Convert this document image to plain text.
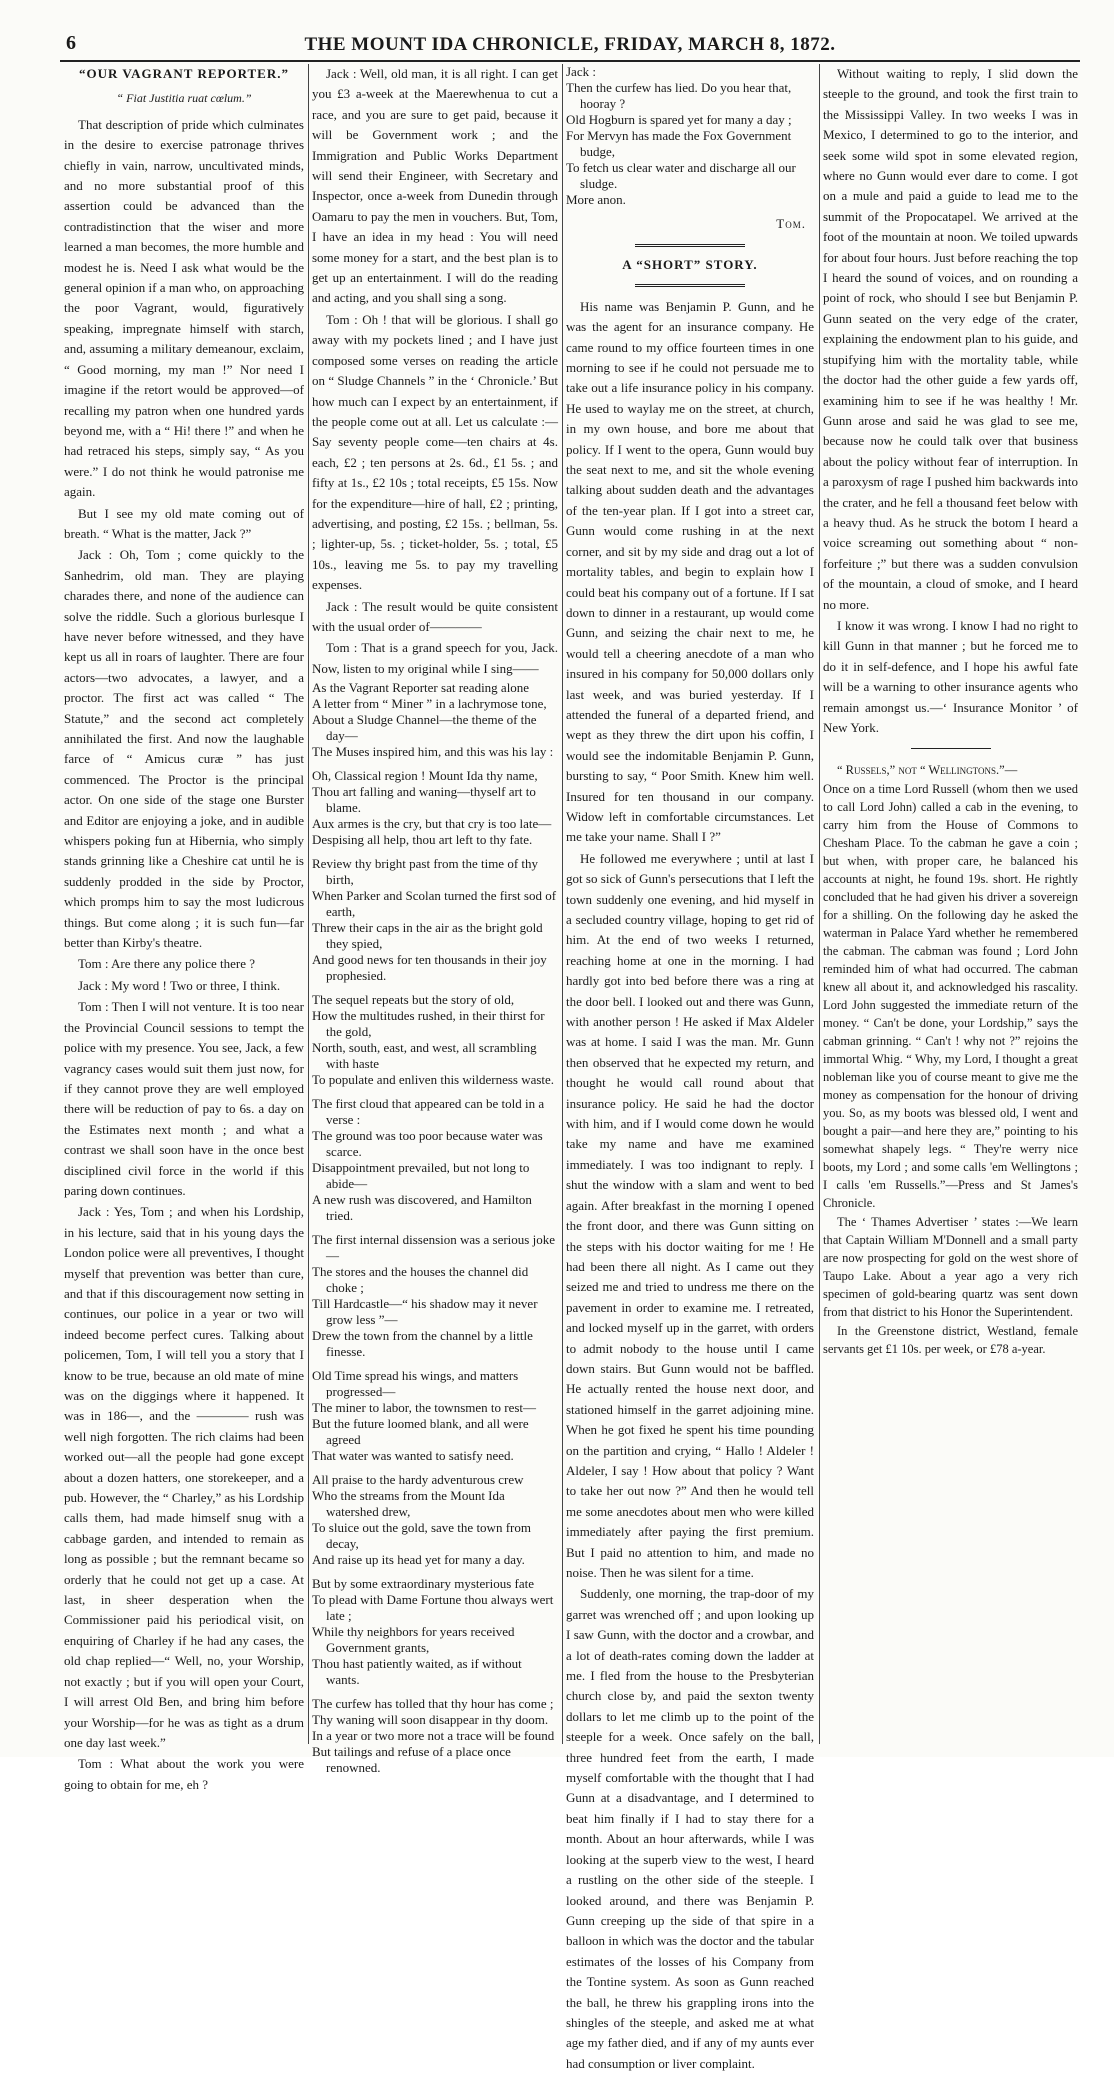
6	THE MOUNT IDA CHRONICLE, FRIDAY, MARCH 8, 1872.

“OUR VAGRANT REPORTER.”

“ Fiat Justitia ruat cœlum.”

That description of pride which culminates in the desire to exercise patronage thrives chiefly in vain, narrow, uncultivated minds, and no more substantial proof of this assertion could be advanced than the contradistinction that the wiser and more learned a man becomes, the more humble and modest he is. Need I ask what would be the general opinion if a man who, on approaching the poor Vagrant, would, figuratively speaking, impregnate himself with starch, and, assuming a military demeanour, exclaim, “ Good morning, my man !” Nor need I imagine if the retort would be approved—of recalling my patron when one hundred yards beyond me, with a “ Hi! there !” and when he had retraced his steps, simply say, “ As you were.” I do not think he would patronise me again.

But I see my old mate coming out of breath. “ What is the matter, Jack ?”

Jack : Oh, Tom ; come quickly to the Sanhedrim, old man. They are playing charades there, and none of the audience can solve the riddle. Such a glorious burlesque I have never before witnessed, and they have kept us all in roars of laughter. There are four actors—two advocates, a lawyer, and a proctor. The first act was called “ The Statute,” and the second act completely annihilated the first. And now the laughable farce of “ Amicus curæ ” has just commenced. The Proctor is the principal actor. On one side of the stage one Burster and Editor are enjoying a joke, and in audible whispers poking fun at Hibernia, who simply stands grinning like a Cheshire cat until he is suddenly prodded in the side by Proctor, which promps him to say the most ludicrous things. But come along ; it is such fun—far better than Kirby's theatre.

Tom : Are there any police there ?

Jack : My word ! Two or three, I think.

Tom : Then I will not venture. It is too near the Provincial Council sessions to tempt the police with my presence. You see, Jack, a few vagrancy cases would suit them just now, for if they cannot prove they are well employed there will be reduction of pay to 6s. a day on the Estimates next month ; and what a contrast we shall soon have in the once best disciplined civil force in the world if this paring down continues.

Jack : Yes, Tom ; and when his Lordship, in his lecture, said that in his young days the London police were all preventives, I thought myself that prevention was better than cure, and that if this discouragement now setting in continues, our police in a year or two will indeed become perfect cures. Talking about policemen, Tom, I will tell you a story that I know to be true, because an old mate of mine was on the diggings where it happened. It was in 186—, and the ———— rush was well nigh forgotten. The rich claims had been worked out—all the people had gone except about a dozen hatters, one storekeeper, and a pub. However, the “ Charley,” as his Lordship calls them, had made himself snug with a cabbage garden, and intended to remain as long as possible ; but the remnant became so orderly that he could not get up a case. At last, in sheer desperation when the Commissioner paid his periodical visit, on enquiring of Charley if he had any cases, the old chap replied—“ Well, no, your Worship, not exactly ; but if you will open your Court, I will arrest Old Ben, and bring him before your Worship—for he was as tight as a drum one day last week.”

Tom : What about the work you were going to obtain for me, eh ?

Jack : Well, old man, it is all right. I can get you £3 a-week at the Maerewhenua to cut a race, and you are sure to get paid, because it will be Government work ; and the Immigration and Public Works Department will send their Engineer, with Secretary and Inspector, once a-week from Dunedin through Oamaru to pay the men in vouchers. But, Tom, I have an idea in my head : You will need some money for a start, and the best plan is to get up an entertainment. I will do the reading and acting, and you shall sing a song.

Tom : Oh ! that will be glorious. I shall go away with my pockets lined ; and I have just composed some verses on reading the article on “ Sludge Channels ” in the ‘ Chronicle.’ But how much can I expect by an entertainment, if the people come out at all. Let us calculate :—Say seventy people come—ten chairs at 4s. each, £2 ; ten persons at 2s. 6d., £1 5s. ; and fifty at 1s., £2 10s ; total receipts, £5 15s. Now for the expenditure—hire of hall, £2 ; printing, advertising, and posting, £2 15s. ; bellman, 5s. ; lighter-up, 5s. ; ticket-holder, 5s. ; total, £5 10s., leaving me 5s. to pay my travelling expenses.

Jack : The result would be quite consistent with the usual order of————

Tom : That is a grand speech for you, Jack. Now, listen to my original while I sing——

As the Vagrant Reporter sat reading alone

A letter from “ Miner ” in a lachrymose tone,

About a Sludge Channel—the theme of the day—

The Muses inspired him, and this was his lay :

Oh, Classical region ! Mount Ida thy name,

Thou art falling and waning—thyself art to blame.

Aux armes is the cry, but that cry is too late—

Despising all help, thou art left to thy fate.

Review thy bright past from the time of thy birth,

When Parker and Scolan turned the first sod of earth,

Threw their caps in the air as the bright gold they spied,

And good news for ten thousands in their joy prophesied.

The sequel repeats but the story of old,

How the multitudes rushed, in their thirst for the gold,

North, south, east, and west, all scrambling with haste

To populate and enliven this wilderness waste.

The first cloud that appeared can be told in a verse :

The ground was too poor because water was scarce.

Disappointment prevailed, but not long to abide—

A new rush was discovered, and Hamilton tried.

The first internal dissension was a serious joke—

The stores and the houses the channel did choke ;

Till Hardcastle—“ his shadow may it never grow less ”—

Drew the town from the channel by a little finesse.

Old Time spread his wings, and matters progressed—

The miner to labor, the townsmen to rest—

But the future loomed blank, and all were agreed

That water was wanted to satisfy need.

All praise to the hardy adventurous crew

Who the streams from the Mount Ida watershed drew,

To sluice out the gold, save the town from decay,

And raise up its head yet for many a day.

But by some extraordinary mysterious fate

To plead with Dame Fortune thou always wert late ;

While thy neighbors for years received Government grants,

Thou hast patiently waited, as if without wants.

The curfew has tolled that thy hour has come ;

Thy waning will soon disappear in thy doom.

In a year or two more not a trace will be found

But tailings and refuse of a place once renowned.

Jack :

Then the curfew has lied. Do you hear that, hooray ?

Old Hogburn is spared yet for many a day ;

For Mervyn has made the Fox Government budge,

To fetch us clear water and discharge all our sludge.

More anon.

Tom.

A “SHORT” STORY.

His name was Benjamin P. Gunn, and he was the agent for an insurance company. He came round to my office fourteen times in one morning to see if he could not persuade me to take out a life insurance policy in his company. He used to waylay me on the street, at church, in my own house, and bore me about that policy. If I went to the opera, Gunn would buy the seat next to me, and sit the whole evening talking about sudden death and the advantages of the ten-year plan. If I got into a street car, Gunn would come rushing in at the next corner, and sit by my side and drag out a lot of mortality tables, and begin to explain how I could beat his company out of a fortune. If I sat down to dinner in a restaurant, up would come Gunn, and seizing the chair next to me, he would tell a cheering anecdote of a man who insured in his company for 50,000 dollars only last week, and was buried yesterday. If I attended the funeral of a departed friend, and wept as they threw the dirt upon his coffin, I would see the indomitable Benjamin P. Gunn, bursting to say, “ Poor Smith. Knew him well. Insured for ten thousand in our company. Widow left in comfortable circumstances. Let me take your name. Shall I ?”

He followed me everywhere ; until at last I got so sick of Gunn's persecutions that I left the town suddenly one evening, and hid myself in a secluded country village, hoping to get rid of him. At the end of two weeks I returned, reaching home at one in the morning. I had hardly got into bed before there was a ring at the door bell. I looked out and there was Gunn, with another person ! He asked if Max Aldeler was at home. I said I was the man. Mr. Gunn then observed that he expected my return, and thought he would call round about that insurance policy. He said he had the doctor with him, and if I would come down he would take my name and have me examined immediately. I was too indignant to reply. I shut the window with a slam and went to bed again. After breakfast in the morning I opened the front door, and there was Gunn sitting on the steps with his doctor waiting for me ! He had been there all night. As I came out they seized me and tried to undress me there on the pavement in order to examine me. I retreated, and locked myself up in the garret, with orders to admit nobody to the house until I came down stairs. But Gunn would not be baffled. He actually rented the house next door, and stationed himself in the garret adjoining mine. When he got fixed he spent his time pounding on the partition and crying, “ Hallo ! Aldeler ! Aldeler, I say ! How about that policy ? Want to take her out now ?” And then he would tell me some anecdotes about men who were killed immediately after paying the first premium. But I paid no attention to him, and made no noise. Then he was silent for a time.

Suddenly, one morning, the trap-door of my garret was wrenched off ; and upon looking up I saw Gunn, with the doctor and a crowbar, and a lot of death-rates coming down the ladder at me. I fled from the house to the Presbyterian church close by, and paid the sexton twenty dollars to let me climb up to the point of the steeple for a week. Once safely on the ball, three hundred feet from the earth, I made myself comfortable with the thought that I had Gunn at a disadvantage, and I determined to beat him finally if I had to stay there for a month. About an hour afterwards, while I was looking at the superb view to the west, I heard a rustling on the other side of the steeple. I looked around, and there was Benjamin P. Gunn creeping up the side of that spire in a balloon in which was the doctor and the tabular estimates of the losses of his Company from the Tontine system. As soon as Gunn reached the ball, he threw his grappling irons into the shingles of the steeple, and asked me at what age my father died, and if any of my aunts ever had consumption or liver complaint.

Without waiting to reply, I slid down the steeple to the ground, and took the first train to the Mississippi Valley. In two weeks I was in Mexico, I determined to go to the interior, and seek some wild spot in some elevated region, where no Gunn would ever dare to come. I got on a mule and paid a guide to lead me to the summit of the Propocatapel. We arrived at the foot of the mountain at noon. We toiled upwards for about four hours. Just before reaching the top I heard the sound of voices, and on rounding a point of rock, who should I see but Benjamin P. Gunn seated on the very edge of the crater, explaining the endowment plan to his guide, and stupifying him with the mortality table, while the doctor had the other guide a few yards off, examining him to see if he was healthy ! Mr. Gunn arose and said he was glad to see me, because now he could talk over that business about the policy without fear of interruption. In a paroxysm of rage I pushed him backwards into the crater, and he fell a thousand feet below with a heavy thud. As he struck the botom I heard a voice screaming out something about “ non-forfeiture ;” but there was a sudden convulsion of the mountain, a cloud of smoke, and I heard no more.

I know it was wrong. I know I had no right to kill Gunn in that manner ; but he forced me to do it in self-defence, and I hope his awful fate will be a warning to other insurance agents who remain amongst us.—‘ Insurance Monitor ’ of New York.

“ Russels,” not “ Wellingtons.”—

Once on a time Lord Russell (whom then we used to call Lord John) called a cab in the evening, to carry him from the House of Commons to Chesham Place. To the cabman he gave a coin ; but when, with proper care, he balanced his accounts at night, he found 19s. short. He rightly concluded that he had given his driver a sovereign for a shilling. On the following day he asked the waterman in Palace Yard whether he remembered the cabman. The cabman was found ; Lord John reminded him of what had occurred. The cabman knew all about it, and acknowledged his rascality. Lord John suggested the immediate return of the money. “ Can't be done, your Lordship,” says the cabman grinning. “ Can't ! why not ?” rejoins the immortal Whig. “ Why, my Lord, I thought a great nobleman like you of course meant to give me the money as compensation for the honour of driving you. So, as my boots was blessed old, I went and bought a pair—and here they are,” pointing to his somewhat shapely legs. “ They're werry nice boots, my Lord ; and some calls 'em Wellingtons ; I calls 'em Russells.”—Press and St James's Chronicle.

The ‘ Thames Advertiser ’ states :—We learn that Captain William M'Donnell and a small party are now prospecting for gold on the west shore of Taupo Lake. About a year ago a very rich specimen of gold-bearing quartz was sent down from that district to his Honor the Superintendent.

In the Greenstone district, Westland, female servants get £1 10s. per week, or £78 a-year.
